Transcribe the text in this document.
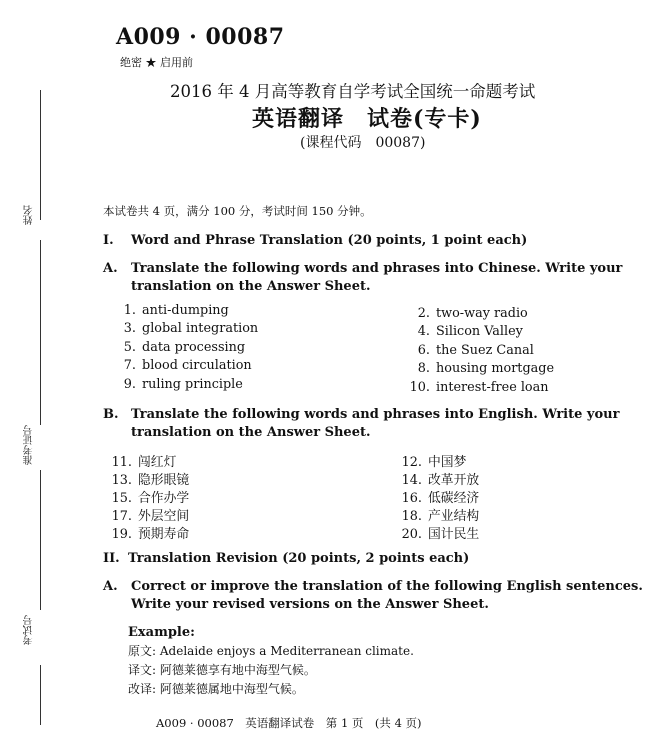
姓名
准考证号
考试号
A009 · 00087
绝密 ★ 启用前
2016 年 4 月高等教育自学考试全国统一命题考试
英语翻译　试卷(专卡)
(课程代码　00087)
本试卷共 4 页，满分 100 分，考试时间 150 分钟。
I. Word and Phrase Translation (20 points, 1 point each)
A. Translate the following words and phrases into Chinese. Write your
translation on the Answer Sheet.
1. anti-dumping	2. two-way radio
3. global integration	4. Silicon Valley
5. data processing	6. the Suez Canal
7. blood circulation	8. housing mortgage
9. ruling principle	10. interest-free loan
B. Translate the following words and phrases into English. Write your
translation on the Answer Sheet.
11. 闯红灯	12. 中国梦
13. 隐形眼镜	14. 改革开放
15. 合作办学	16. 低碳经济
17. 外层空间	18. 产业结构
19. 预期寿命	20. 国计民生
II. Translation Revision (20 points, 2 points each)
A. Correct or improve the translation of the following English sentences.
Write your revised versions on the Answer Sheet.
Example:
原文: Adelaide enjoys a Mediterranean climate.
译文: 阿德莱德享有地中海型气候。
改译: 阿德莱德属地中海型气候。
A009 · 00087　英语翻译试卷　第 1 页　(共 4 页)
